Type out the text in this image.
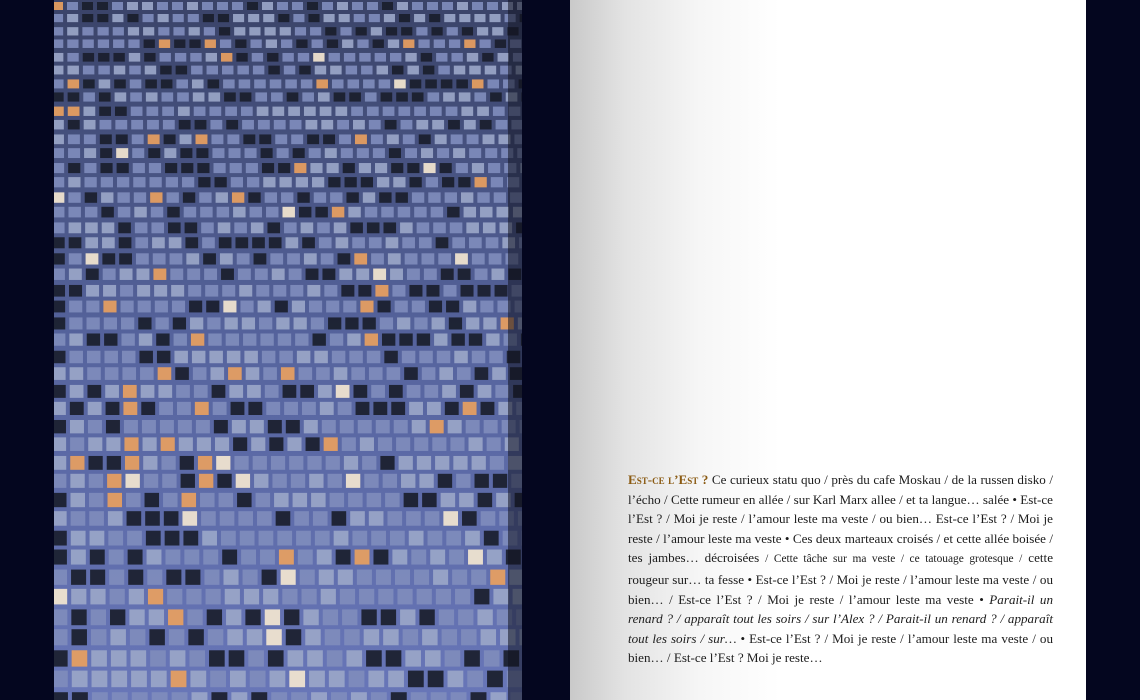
Est-ce l’Est ? Ce curieux statu quo / près du cafe Moskau / de la russen disko / l’écho / Cette rumeur en allée / sur Karl Marx allee / et ta langue… salée • Est-ce l’Est ? / Moi je reste / l’amour leste ma veste / ou bien… Est-ce l’Est ? / Moi je reste / l’amour leste ma veste • Ces deux marteaux croisés / et cette allée boisée / tes jambes… décroisées / Cette tâche sur ma veste / ce tatouage grotesque / cette rougeur sur… ta fesse • Est-ce l’Est ? / Moi je reste / l’amour leste ma veste / ou bien… / Est-ce l’Est ? / Moi je reste / l’amour leste ma veste • Parait-il un renard ? / apparaît tout les soirs / sur l’Alex ? / Parait-il un renard ? / apparaît tout les soirs / sur… • Est-ce l’Est ? / Moi je reste / l’amour leste ma veste / ou bien… / Est-ce l’Est ? Moi je reste…
